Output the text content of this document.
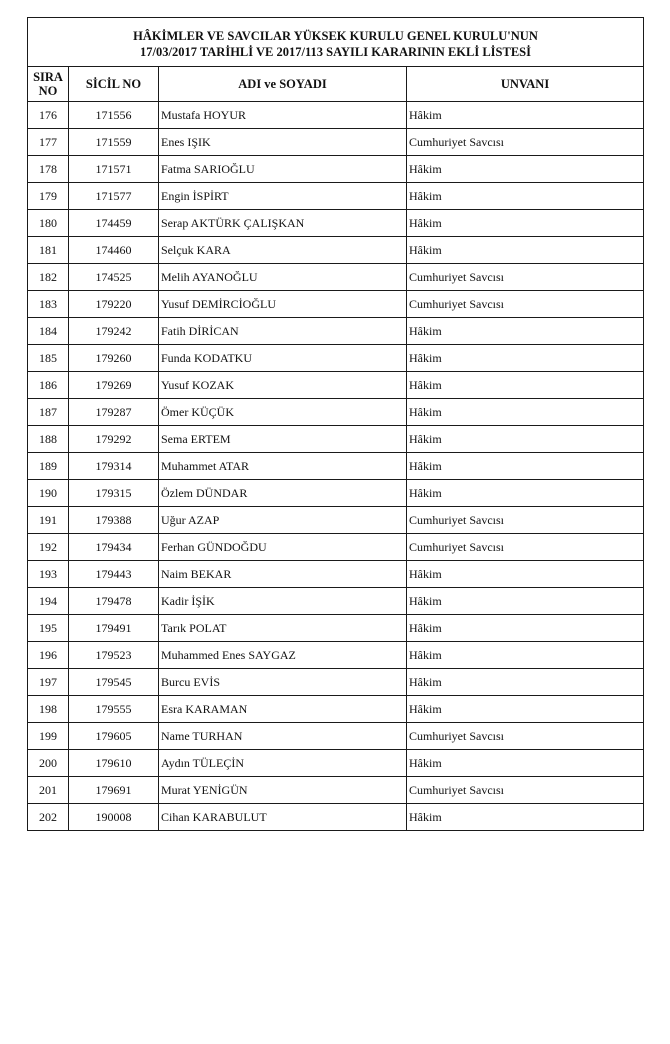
HÂKİMLER VE SAVCILAR YÜKSEK KURULU GENEL KURULU'NUN
17/03/2017 TARİHLİ VE 2017/113 SAYILI KARARININ EKLİ LİSTESİ			

SIRA
NO	SİCİL NO	ADI ve SOYADI	UNVANI
176	171556	Mustafa HOYUR	Hâkim
177	171559	Enes IŞIK	Cumhuriyet Savcısı
178	171571	Fatma SARIOĞLU	Hâkim
179	171577	Engin İSPİRT	Hâkim
180	174459	Serap AKTÜRK ÇALIŞKAN	Hâkim
181	174460	Selçuk KARA	Hâkim
182	174525	Melih AYANOĞLU	Cumhuriyet Savcısı
183	179220	Yusuf DEMİRCİOĞLU	Cumhuriyet Savcısı
184	179242	Fatih DİRİCAN	Hâkim
185	179260	Funda KODATKU	Hâkim
186	179269	Yusuf KOZAK	Hâkim
187	179287	Ömer KÜÇÜK	Hâkim
188	179292	Sema ERTEM	Hâkim
189	179314	Muhammet ATAR	Hâkim
190	179315	Özlem DÜNDAR	Hâkim
191	179388	Uğur AZAP	Cumhuriyet Savcısı
192	179434	Ferhan GÜNDOĞDU	Cumhuriyet Savcısı
193	179443	Naim BEKAR	Hâkim
194	179478	Kadir İŞİK	Hâkim
195	179491	Tarık POLAT	Hâkim
196	179523	Muhammed Enes SAYGAZ	Hâkim
197	179545	Burcu EVİS	Hâkim
198	179555	Esra KARAMAN	Hâkim
199	179605	Name TURHAN	Cumhuriyet Savcısı
200	179610	Aydın TÜLEÇİN	Hâkim
201	179691	Murat YENİGÜN	Cumhuriyet Savcısı
202	190008	Cihan KARABULUT	Hâkim
